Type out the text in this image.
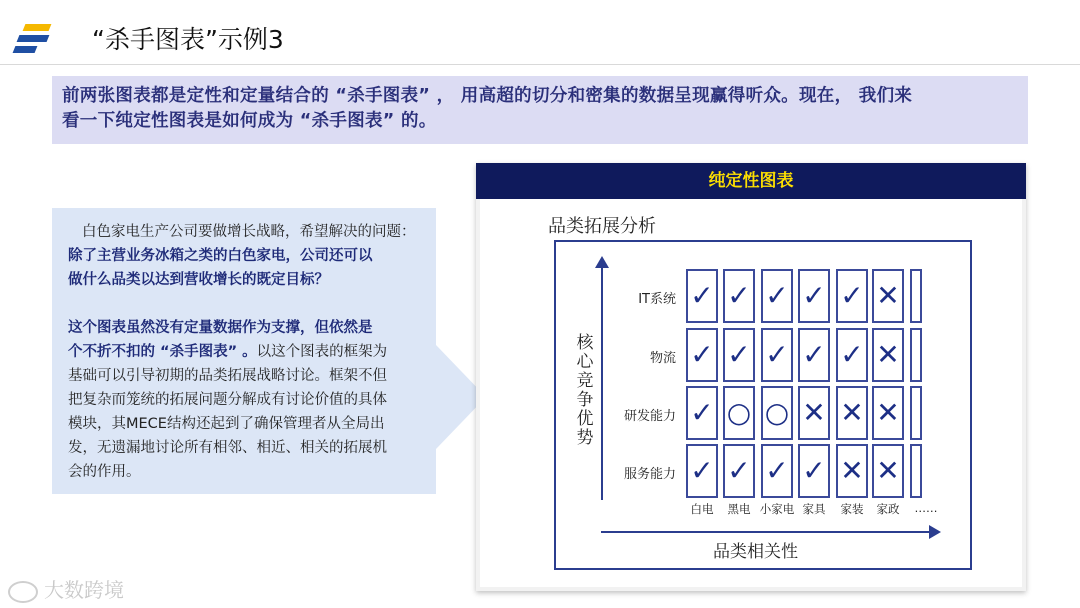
“杀手图表”示例3

前两张图表都是定性和定量结合的 “杀手图表” ， 用高超的切分和密集的数据呈现赢得听众。现在， 我们来

看一下纯定性图表是如何成为 “杀手图表” 的。

白色家电生产公司要做增长战略，希望解决的问题：

除了主营业务冰箱之类的白色家电，公司还可以

做什么品类以达到营收增长的既定目标？

这个图表虽然没有定量数据作为支撑，但依然是

个不折不扣的 “杀手图表” 。以这个图表的框架为

基础可以引导初期的品类拓展战略讨论。框架不但

把复杂而笼统的拓展问题分解成有讨论价值的具体

模块，其MECE结构还起到了确保管理者从全局出

发，无遗漏地讨论所有相邻、相近、相关的拓展机

会的作用。

纯定性图表
品类拓展分析
核心竞争优势
品类相关性
IT系统 ✓ ✓ ✓ ✓ ✓ ✕
物流 ✓ ✓ ✓ ✓ ✓ ✕
研发能力 ✓ ○ ○ ✕ ✕ ✕
服务能力 ✓ ✓ ✓ ✓ ✕ ✕
白电	黑电 小家电 家具	家装	家政	……
大数跨境
